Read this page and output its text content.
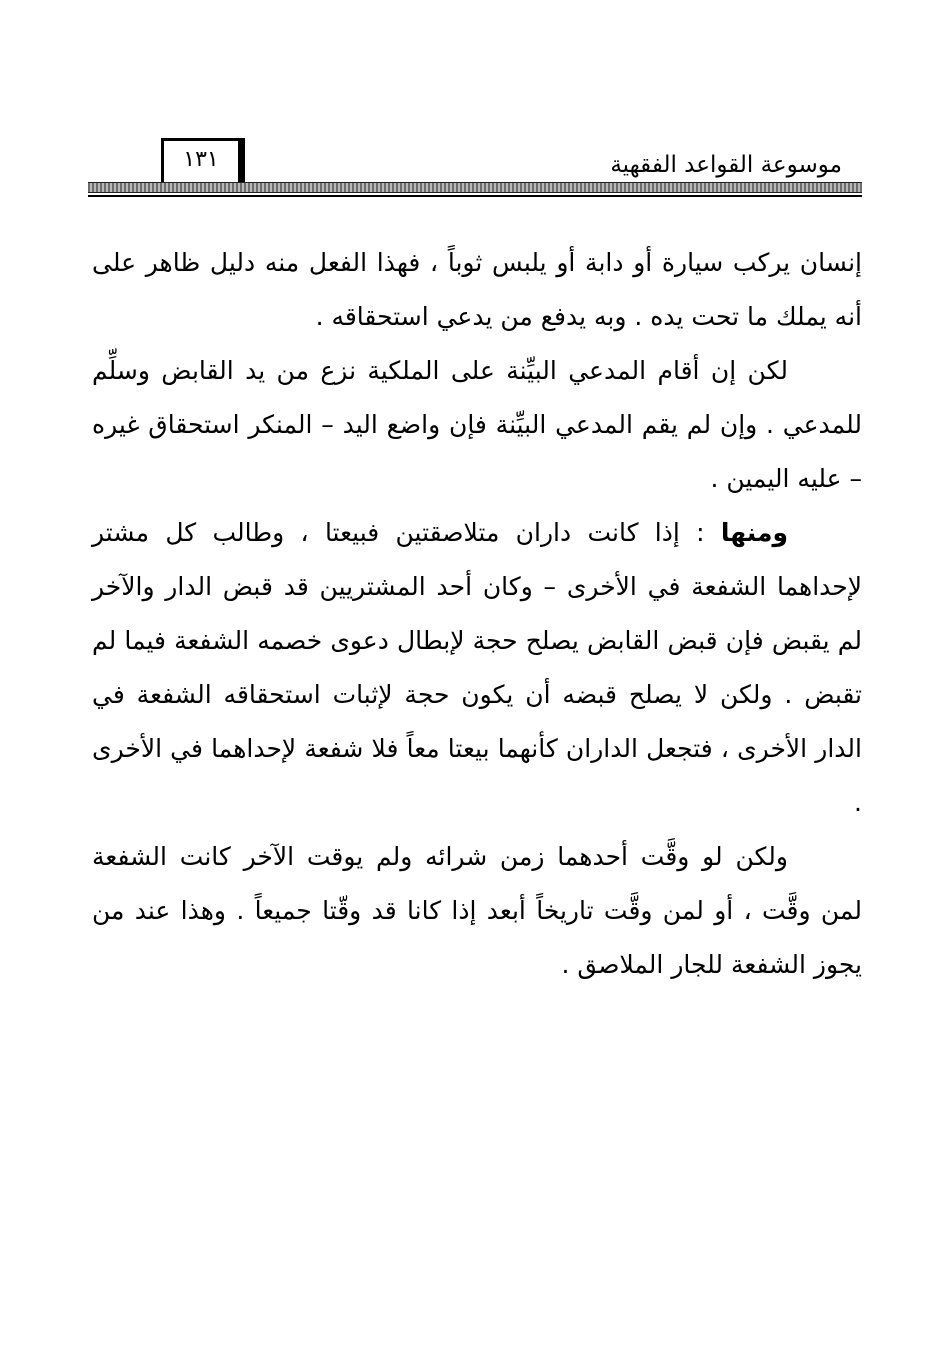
١٣١	موسوعة القواعد الفقهية

إنسان يركب سيارة أو دابة أو يلبس ثوباً ، فهذا الفعل منه دليل ظاهر على أنه يملك ما تحت يده . وبه يدفع من يدعي استحقاقه .

لكن إن أقام المدعي البيِّنة على الملكية نزع من يد القابض وسلِّم للمدعي . وإن لم يقم المدعي البيِّنة فإن واضع اليد – المنكر استحقاق غيره – عليه اليمين .

ومنها : إذا كانت داران متلاصقتين فبيعتا ، وطالب كل مشتر لإحداهما الشفعة في الأخرى – وكان أحد المشتريين قد قبض الدار والآخر لم يقبض فإن قبض القابض يصلح حجة لإبطال دعوى خصمه الشفعة فيما لم تقبض . ولكن لا يصلح قبضه أن يكون حجة لإثبات استحقاقه الشفعة في الدار الأخرى ، فتجعل الداران كأنهما بيعتا معاً فلا شفعة لإحداهما في الأخرى .

ولكن لو وقَّت أحدهما زمن شرائه ولم يوقت الآخر كانت الشفعة لمن وقَّت ، أو لمن وقَّت تاريخاً أبعد إذا كانا قد وقّتا جميعاً . وهذا عند من يجوز الشفعة للجار الملاصق .
